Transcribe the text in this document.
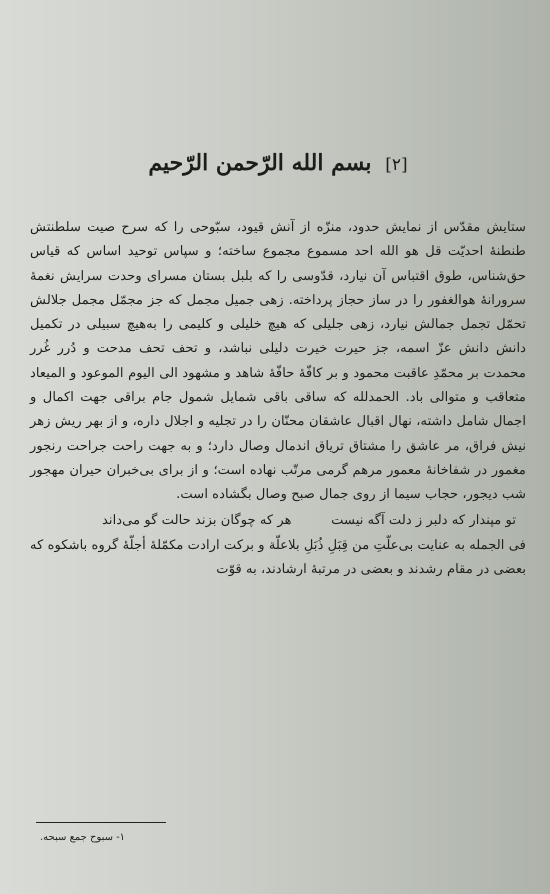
[۲] بسم الله الرّحمن الرّحیم

ستایش مقدّس از نمایش حدود، منزّه از آنش قیود، سبّوحی را که سرح صیت سلطنتش طنطنهٔ احدیّت قل هو الله احد مسموع مجموع ساخته؛ و سپاس توحید اساس که قیاس حق‌شناس، طوق اقتباس آن نیارد، قدّوسی را که بلبل بستان مسرای وحدت سرایش نغمهٔ سرورانهٔ هوالغفور را در ساز حجاز پرداخته. زهی جمیل مجمل که جز مجمّل مجمل جلالش تحمّل تجمل جمالش نیارد، زهی جلیلی که هیچ خلیلی و کلیمی را به‌هیچ سبیلی در تکمیل دانش دانش عزّ اسمه، جز حیرت خیرت دلیلی نباشد، و تحف تحف مدحت و دُرر غُرر محمدت بر محمّدِ عاقبت محمود و بر کافّهٔ حافّهٔ شاهد و مشهود الی الیوم الموعود و المیعاد متعاقب و متوالی باد. الحمدلله که ساقی باقی شمایل شمول جام براقی جهت اکمال و اجمال شامل داشته، نهال اقبال عاشقان محنّان را در تجلیه و اجلال داره، و از بهر ریش زهر نیش فراق، مر عاشق را مشتاق تریاق اندمال وصال دارد؛ و به جهت راحت جراحت رنجور مغمور در شفاخانهٔ معمور مرهم گرمی مرتّب نهاده است؛ و از برای بی‌خبران حیران مهجور شب دیجور، حجاب سیما از روی جمال صبح وصال بگشاده است.

تو مپندار که دلبر ز دلت آگه نیست
هر که چوگان بزند حالت گو می‌داند

فی الجمله به عنایت بی‌علّتِ من قِبَلِ ذُبَلِ بلاعلّة و برکت ارادت مکمّلهٔ أجلّهٔ گروه باشکوه که بعضی در مقام رشدند و بعضی در مرتبهٔ ارشادند، به قوّت

۱- سبوح جمع سبحه.
